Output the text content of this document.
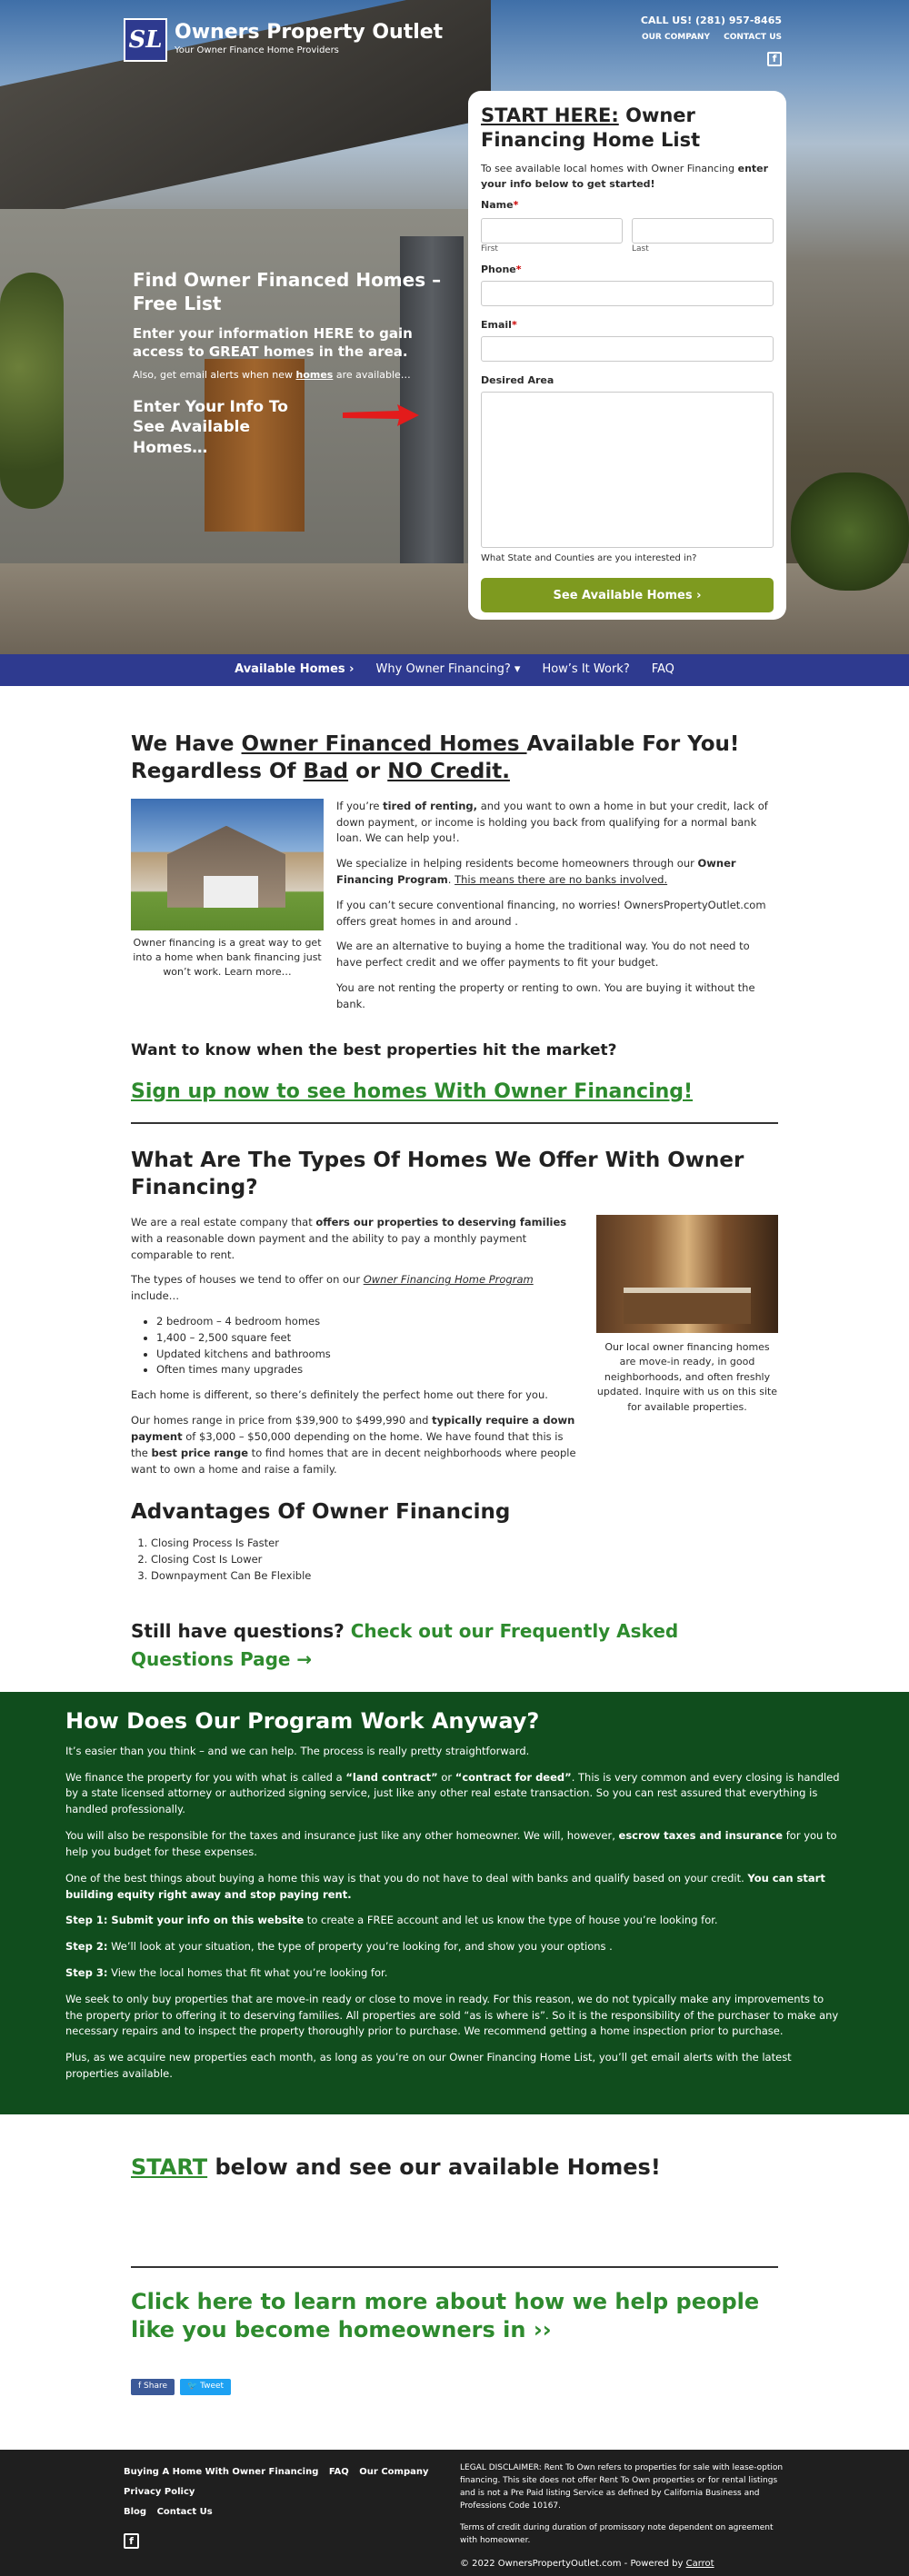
SL Owners Property Outlet
Your Owner Finance Home Providers
CALL US! (281) 957-8465
OUR COMPANY CONTACT US
f
Find Owner Financed Homes – Free List
Enter your information HERE to gain access to GREAT homes in the area.
Also, get email alerts when new homes are available…
Enter Your Info To See Available Homes…
START HERE: Owner Financing Home List

To see available local homes with Owner Financing enter your info below to get started!

Name*
First	Last
Phone*
Email*
Desired Area
What State and Counties are you interested in?
See Available Homes ›
Available Homes › Why Owner Financing? ▾ How’s It Work? FAQ
We Have Owner Financed Homes Available For You! Regardless Of Bad or NO Credit.

Owner financing is a great way to get into a home when bank financing just won’t work. Learn more…

If you’re tired of renting, and you want to own a home in but your credit, lack of down payment, or income is holding you back from qualifying for a normal bank loan. We can help you!.

We specialize in helping residents become homeowners through our Owner Financing Program. This means there are no banks involved.

If you can’t secure conventional financing, no worries! OwnersPropertyOutlet.com offers great homes in and around .

We are an alternative to buying a home the traditional way. You do not need to have perfect credit and we offer payments to fit your budget.

You are not renting the property or renting to own. You are buying it without the bank.

Want to know when the best properties hit the market?
Sign up now to see homes With Owner Financing!
What Are The Types Of Homes We Offer With Owner Financing?

We are a real estate company that offers our properties to deserving families with a reasonable down payment and the ability to pay a monthly payment comparable to rent.

The types of houses we tend to offer on our Owner Financing Home Program include…

• 2 bedroom – 4 bedroom homes
• 1,400 – 2,500 square feet
• Updated kitchens and bathrooms
• Often times many upgrades

Each home is different, so there’s definitely the perfect home out there for you.

Our homes range in price from $39,900 to $499,990 and typically require a down payment of $3,000 – $50,000 depending on the home. We have found that this is the best price range to find homes that are in decent neighborhoods where people want to own a home and raise a family.

Our local owner financing homes are move-in ready, in good neighborhoods, and often freshly updated. Inquire with us on this site for available properties.

Advantages Of Owner Financing
1. Closing Process Is Faster
2. Closing Cost Is Lower
3. Downpayment Can Be Flexible
Still have questions? Check out our Frequently Asked Questions Page →
How Does Our Program Work Anyway?

It’s easier than you think – and we can help. The process is really pretty straightforward.

We finance the property for you with what is called a “land contract” or “contract for deed”. This is very common and every closing is handled by a state licensed attorney or authorized signing service, just like any other real estate transaction. So you can rest assured that everything is handled professionally.

You will also be responsible for the taxes and insurance just like any other homeowner. We will, however, escrow taxes and insurance for you to help you budget for these expenses.

One of the best things about buying a home this way is that you do not have to deal with banks and qualify based on your credit. You can start building equity right away and stop paying rent.

Step 1: Submit your info on this website to create a FREE account and let us know the type of house you’re looking for.

Step 2: We’ll look at your situation, the type of property you’re looking for, and show you your options .

Step 3: View the local homes that fit what you’re looking for.

We seek to only buy properties that are move-in ready or close to move in ready. For this reason, we do not typically make any improvements to the property prior to offering it to deserving families. All properties are sold “as is where is”. So it is the responsibility of the purchaser to make any necessary repairs and to inspect the property thoroughly prior to purchase. We recommend getting a home inspection prior to purchase.

Plus, as we acquire new properties each month, as long as you’re on our Owner Financing Home List, you’ll get email alerts with the latest properties available.

START below and see our available Homes!
Click here to learn more about how we help people like you become homeowners in ››
f Share	🐦 Tweet
Buying A Home With Owner Financing FAQ Our Company Privacy Policy
Blog Contact Us
f

LEGAL DISCLAIMER: Rent To Own refers to properties for sale with lease-option financing. This site does not offer Rent To Own properties or for rental listings and is not a Pre Paid listing Service as defined by California Business and Professions Code 10167.

Terms of credit during duration of promissory note dependent on agreement with homeowner.

© 2022 OwnersPropertyOutlet.com - Powered by Carrot
